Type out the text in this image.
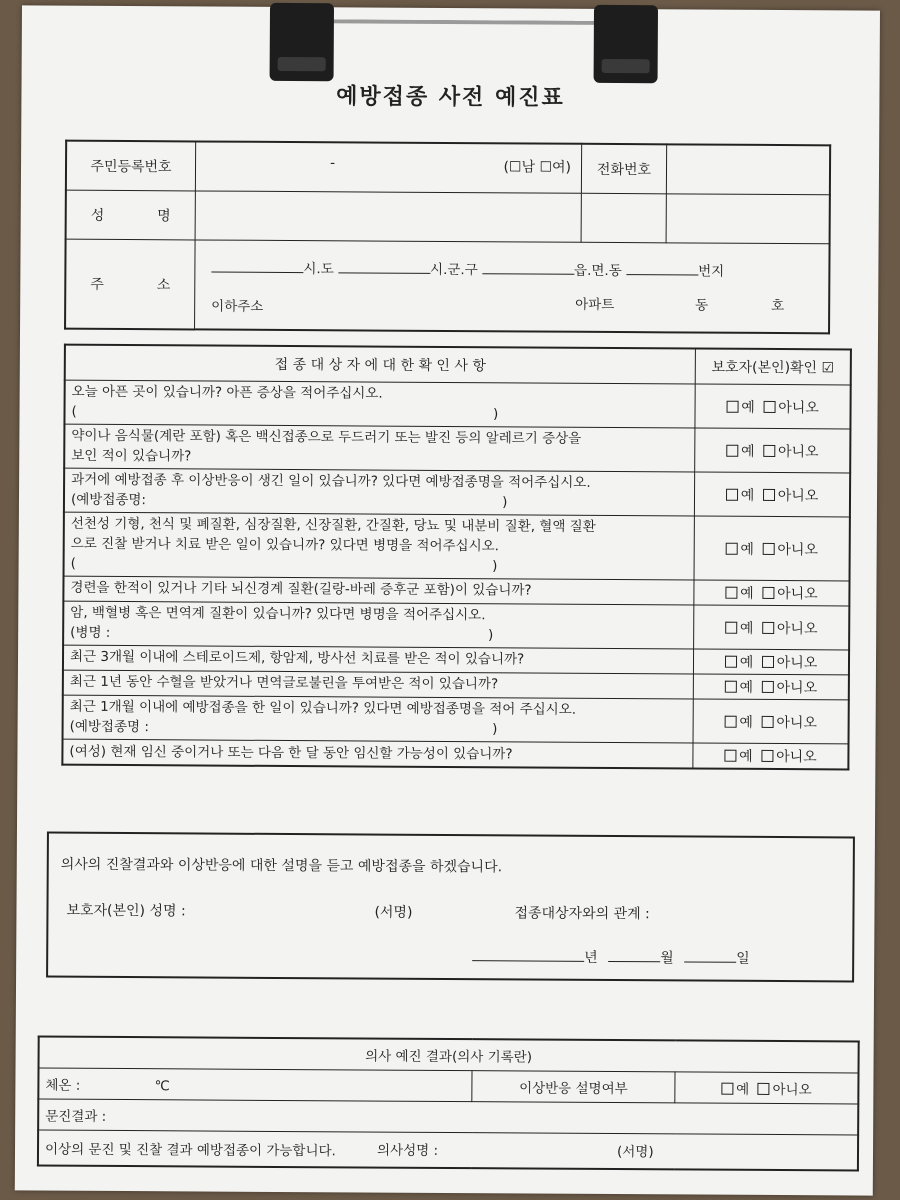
예방접종 사전 예진표
주민등록번호	- (☐남 ☐여)	전화번호	
성 명			
주 소	시.도 시.군.구 읍.면.동 번지
이하주소 아파트 동 호		
접 종 대 상 자 에 대 한 확 인 사 항	보호자(본인)확인 ☑

오늘 아픈 곳이 있습니까? 아픈 증상을 적어주십시오.
(                                                                                                 )	예 아니오

약이나 음식물(계란 포함) 혹은 백신접종으로 두드러기 또는 발진 등의 알레르기 증상을
보인 적이 있습니까?	예 아니오

과거에 예방접종 후 이상반응이 생긴 일이 있습니까? 있다면 예방접종명을 적어주십시오.
(예방접종명:                                                                                   )	예 아니오

선천성 기형, 천식 및 폐질환, 심장질환, 신장질환, 간질환, 당뇨 및 내분비 질환, 혈액 질환
으로 진찰 받거나 치료 받은 일이 있습니까? 있다면 병명을 적어주십시오.
(                                                                                                 )	예 아니오

경련을 한적이 있거나 기타 뇌신경계 질환(길랑-바레 증후군 포함)이 있습니까?	예 아니오

암, 백혈병 혹은 면역계 질환이 있습니까? 있다면 병명을 적어주십시오.
(병명 :                                                                                        )	예 아니오

최근 3개월 이내에 스테로이드제, 항암제, 방사선 치료를 받은 적이 있습니까?	예 아니오

최근 1년 동안 수혈을 받았거나 면역글로불린을 투여받은 적이 있습니까?	예 아니오

최근 1개월 이내에 예방접종을 한 일이 있습니까? 있다면 예방접종명을 적어 주십시오.
(예방접종명 :                                                                                )	예 아니오

(여성) 현재 임신 중이거나 또는 다음 한 달 동안 임신할 가능성이 있습니까?	예 아니오

의사의 진찰결과와 이상반응에 대한 설명을 듣고 예방접종을 하겠습니다.

보호자(본인) 성명 :	(서명)	접종대상자와의 관계 :

년	월	일

의사 예진 결과(의사 기록란)
체온 :	℃	이상반응 설명여부	예 아니오
문진결과 :
이상의 문진 및 진찰 결과 예방접종이 가능합니다.	의사성명 :	(서명)
